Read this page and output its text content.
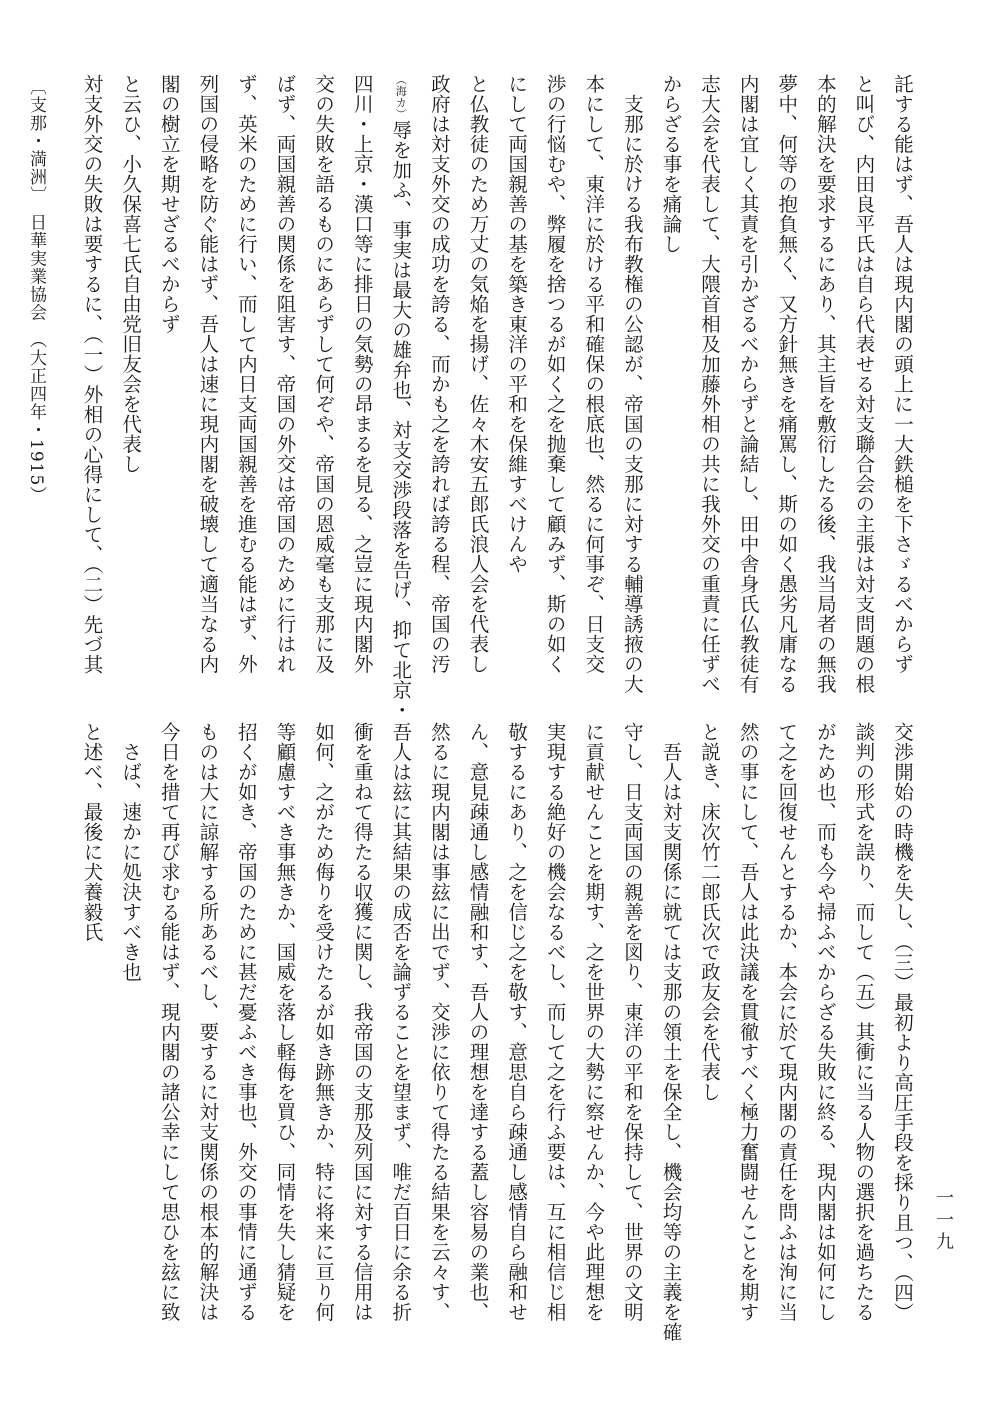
託する能はず、吾人は現内閣の頭上に一大鉄槌を下さゞるべからず

と叫び、内田良平氏は自ら代表せる対支聯合会の主張は対支問題の根

本的解決を要求するにあり、其主旨を敷衍したる後、我当局者の無我

夢中、何等の抱負無く、又方針無きを痛罵し、斯の如く愚劣凡庸なる

内閣は宜しく其責を引かざるべからずと論結し、田中舎身氏仏教徒有

志大会を代表して、大隈首相及加藤外相の共に我外交の重責に任ずべ

からざる事を痛論し

　支那に於ける我布教権の公認が、帝国の支那に対する輔導誘掖の大

本にして、東洋に於ける平和確保の根底也、然るに何事ぞ、日支交

渉の行悩むや、弊履を捨つるが如く之を抛棄して顧みず、斯の如く

にして両国親善の基を築き東洋の平和を保維すべけんや

と仏教徒のため万丈の気焔を揚げ、佐々木安五郎氏浪人会を代表し

政府は対支外交の成功を誇る、而かも之を誇れば誇る程、帝国の汚

（海カ）辱を加ふ、事実は最大の雄弁也、対支交渉段落を告げ、抑て北京・

四川・上京・漢口等に排日の気勢の昂まるを見る、之豈に現内閣外

交の失敗を語るものにあらずして何ぞや、帝国の恩威毫も支那に及

ばず、両国親善の関係を阻害す、帝国の外交は帝国のために行はれ

ず、英米のために行い、而して内日支両国親善を進むる能はず、外

列国の侵略を防ぐ能はず、吾人は速に現内閣を破壊して適当なる内

閣の樹立を期せざるべからず

と云ひ、小久保喜七氏自由党旧友会を代表し

対支外交の失敗は要するに、（一）外相の心得にして、（二）先づ其

交渉開始の時機を失し、（三）最初より高圧手段を採り且つ、（四）

談判の形式を誤り、而して（五）其衝に当る人物の選択を過ちたる

がため也、而も今や掃ふべからざる失敗に終る、現内閣は如何にし

て之を回復せんとするか、本会に於て現内閣の責任を問ふは洵に当

然の事にして、吾人は此決議を貫徹すべく極力奮闘せんことを期す

と説き、床次竹二郎氏次で政友会を代表し

　吾人は対支関係に就ては支那の領土を保全し、機会均等の主義を確

守し、日支両国の親善を図り、東洋の平和を保持して、世界の文明

に貢献せんことを期す、之を世界の大勢に察せんか、今や此理想を

実現する絶好の機会なるべし、而して之を行ふ要は、互に相信じ相

敬するにあり、之を信じ之を敬す、意思自ら疎通し感情自ら融和せ

ん、意見疎通し感情融和す、吾人の理想を達する蓋し容易の業也、

然るに現内閣は事玆に出でず、交渉に依りて得たる結果を云々す、

吾人は玆に其結果の成否を論ずることを望まず、唯だ百日に余る折

衝を重ねて得たる収獲に関し、我帝国の支那及列国に対する信用は

如何、之がため侮りを受けたるが如き跡無きか、特に将来に亘り何

等顧慮すべき事無きか、国威を落し軽侮を買ひ、同情を失し猜疑を

招くが如き、帝国のために甚だ憂ふべき事也、外交の事情に通ずる

ものは大に諒解する所あるべし、要するに対支関係の根本的解決は

今日を措て再び求むる能はず、現内閣の諸公幸にして思ひを玆に致

　さば、速かに処決すべき也

と述べ、最後に犬養毅氏

〔支那・満洲〕　日華実業協会　（大正四年・1915）
一一九
